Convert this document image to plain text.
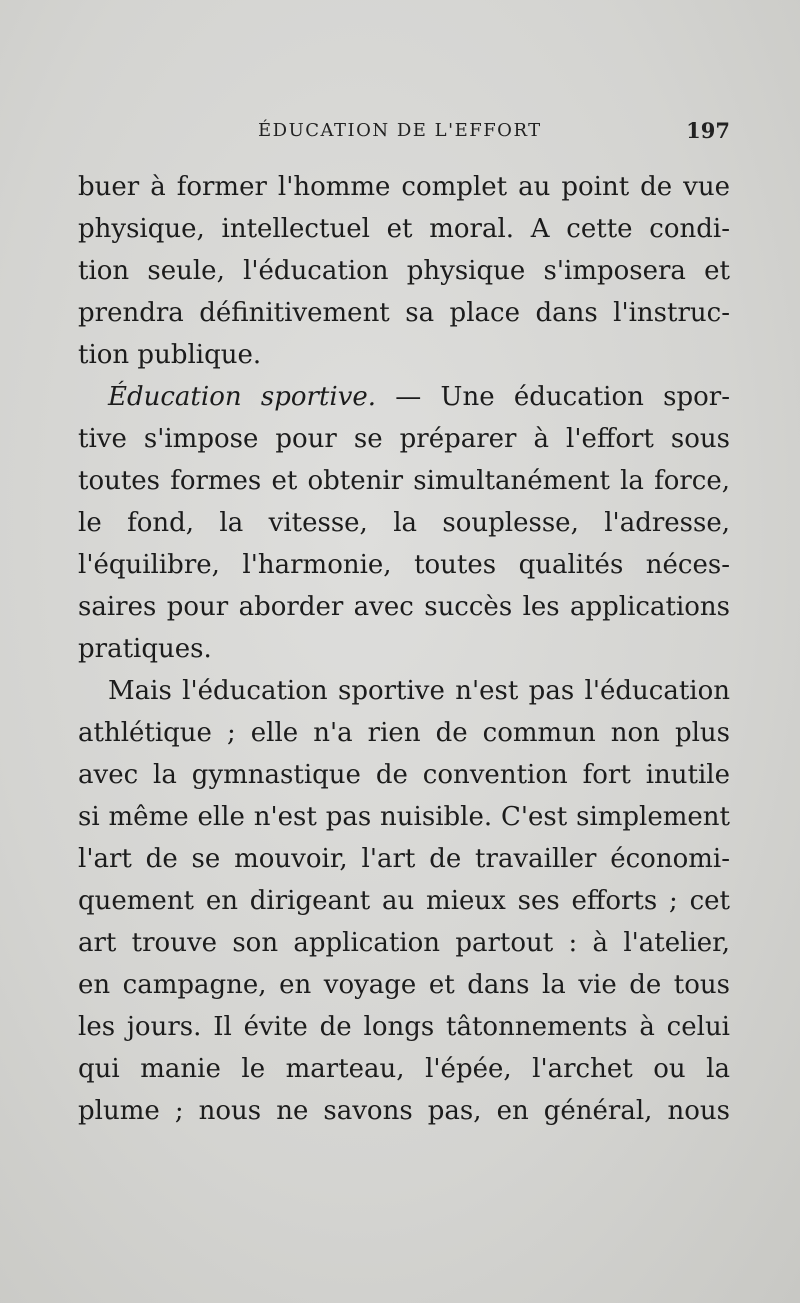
ÉDUCATION DE L'EFFORT	197
buer à former l'homme complet au point de vue
physique, intellectuel et moral. A cette condi-
tion seule, l'éducation physique s'imposera et
prendra définitivement sa place dans l'instruc-
tion publique.
Éducation sportive. — Une éducation spor-
tive s'impose pour se préparer à l'effort sous
toutes formes et obtenir simultanément la force,
le fond, la vitesse, la souplesse, l'adresse,
l'équilibre, l'harmonie, toutes qualités néces-
saires pour aborder avec succès les applications
pratiques.
Mais l'éducation sportive n'est pas l'éducation
athlétique ; elle n'a rien de commun non plus
avec la gymnastique de convention fort inutile
si même elle n'est pas nuisible. C'est simplement
l'art de se mouvoir, l'art de travailler économi-
quement en dirigeant au mieux ses efforts ; cet
art trouve son application partout : à l'atelier,
en campagne, en voyage et dans la vie de tous
les jours. Il évite de longs tâtonnements à celui
qui manie le marteau, l'épée, l'archet ou la
plume ; nous ne savons pas, en général, nous
